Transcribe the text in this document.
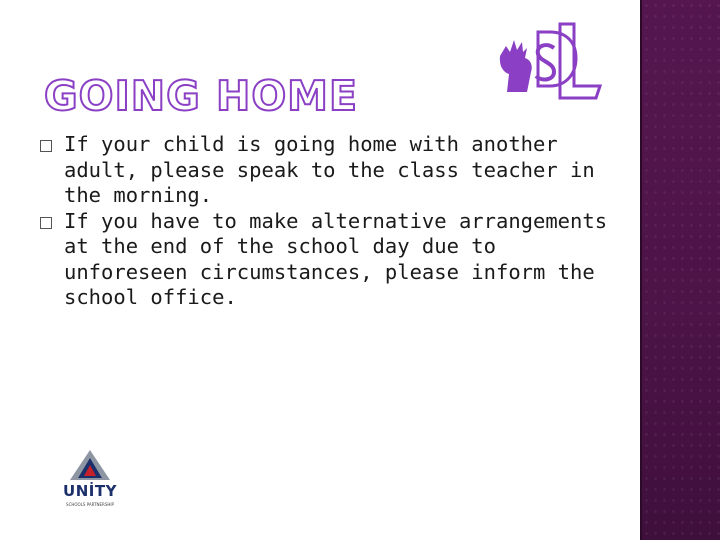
GOING HOME
If your child is going home with another adult, please speak to the class teacher in the morning.
If you have to make alternative arrangements at the end of the school day due to unforeseen circumstances, please inform the school office.
UNİTY
SCHOOLS PARTNERSHIP
